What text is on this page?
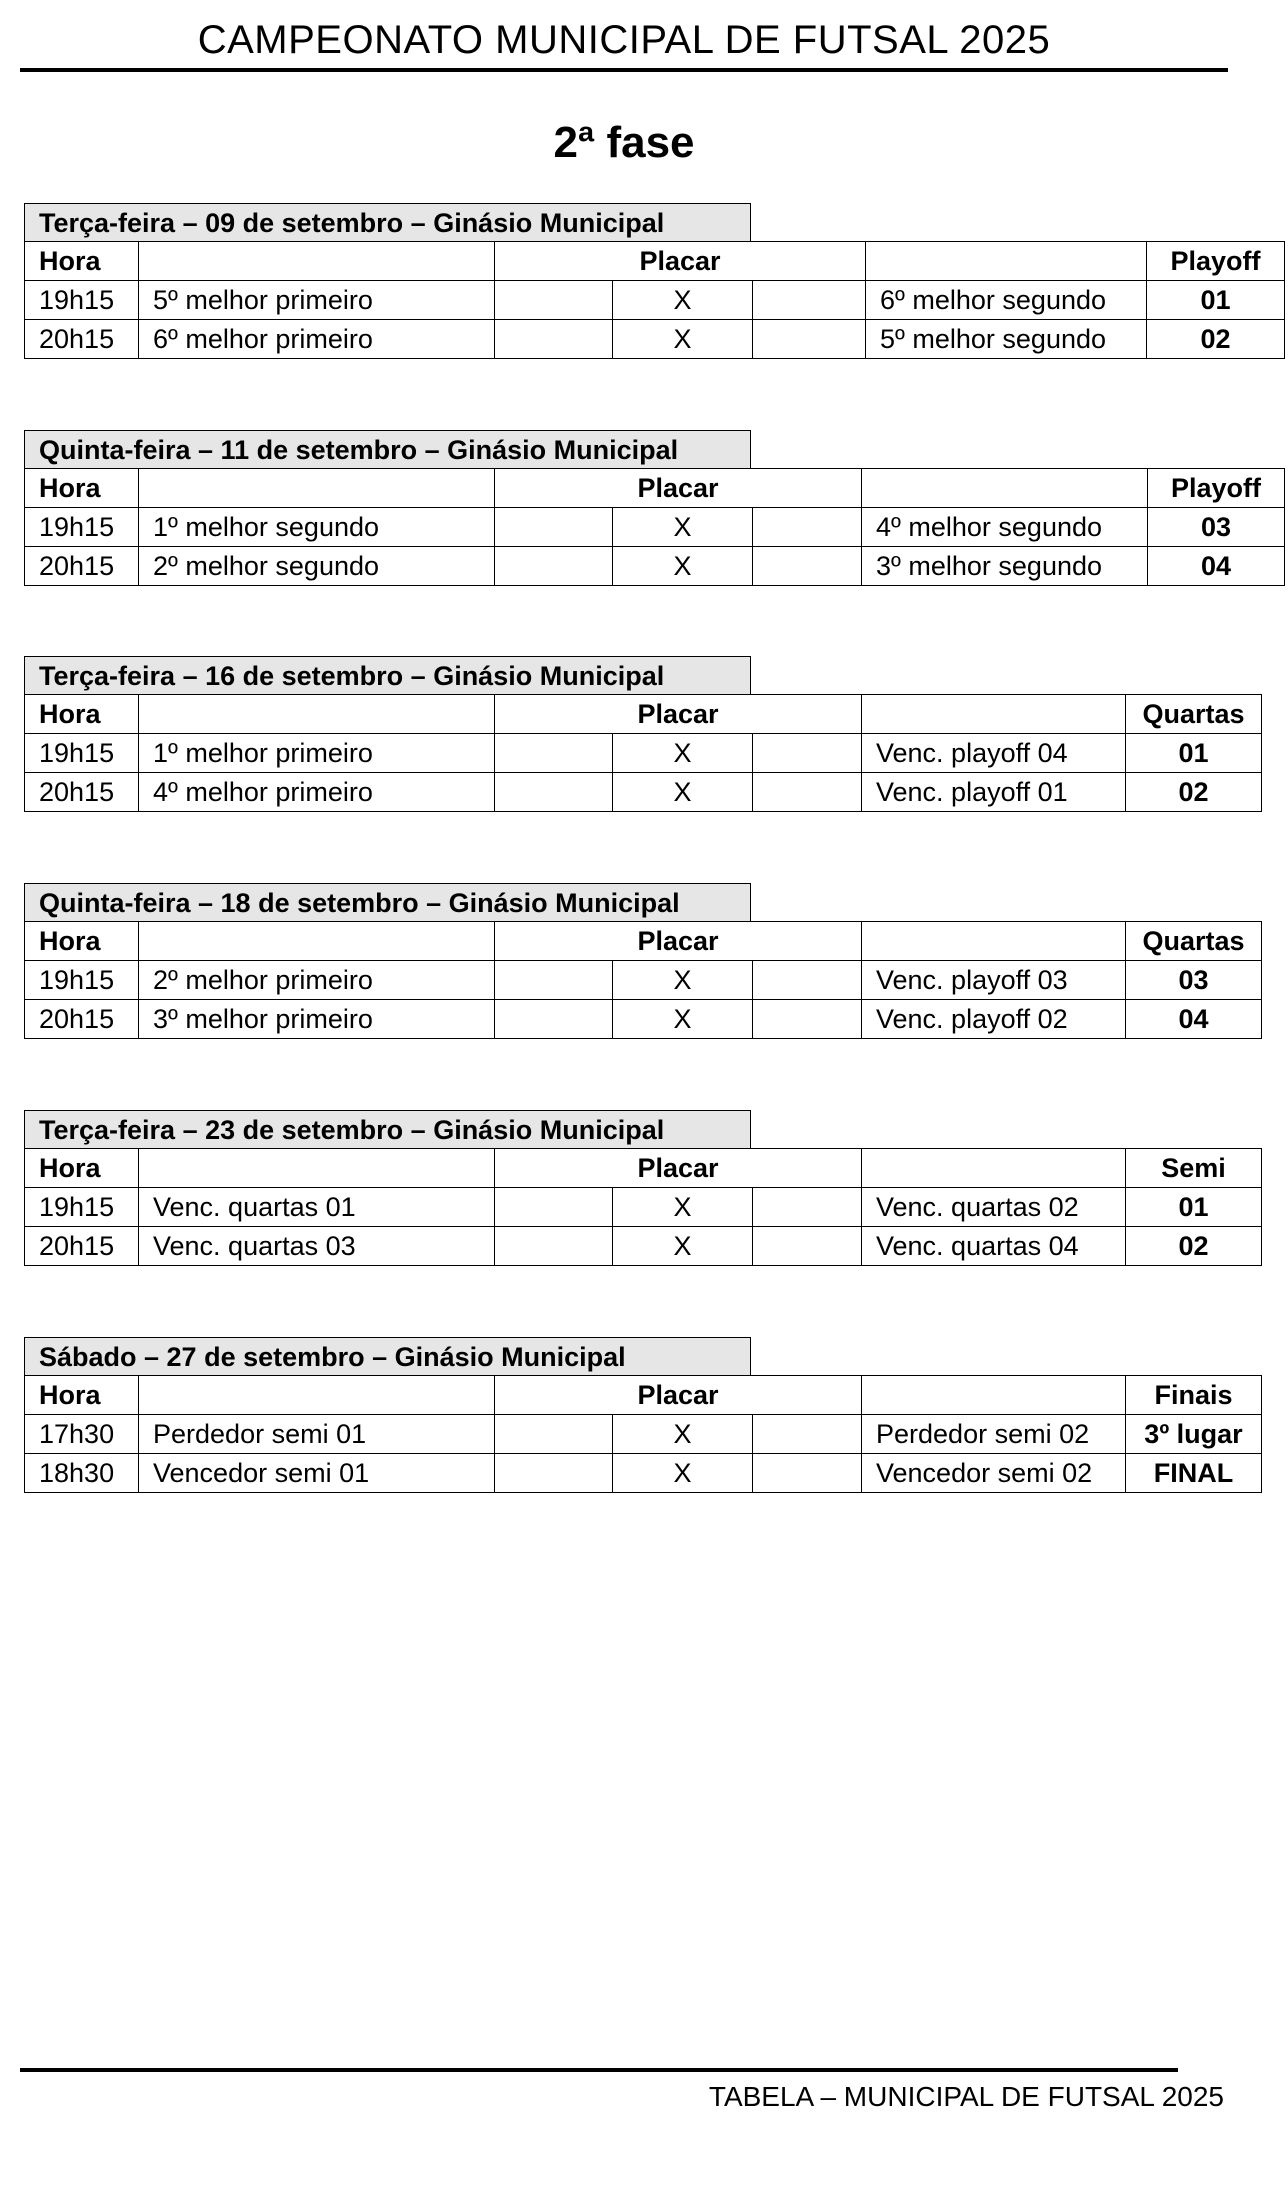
CAMPEONATO MUNICIPAL DE FUTSAL 2025
2ª fase
Terça-feira – 09 de setembro – Ginásio Municipal
Hora		Placar				Playoff
19h15	5º melhor primeiro		X		6º melhor segundo	01
20h15	6º melhor primeiro		X		5º melhor segundo	02
Quinta-feira – 11 de setembro – Ginásio Municipal
Hora		Placar				Playoff
19h15	1º melhor segundo		X		4º melhor segundo	03
20h15	2º melhor segundo		X		3º melhor segundo	04
Terça-feira – 16 de setembro – Ginásio Municipal
Hora		Placar				Quartas
19h15	1º melhor primeiro		X		Venc. playoff 04	01
20h15	4º melhor primeiro		X		Venc. playoff 01	02
Quinta-feira – 18 de setembro – Ginásio Municipal
Hora		Placar				Quartas
19h15	2º melhor primeiro		X		Venc. playoff 03	03
20h15	3º melhor primeiro		X		Venc. playoff 02	04
Terça-feira – 23 de setembro – Ginásio Municipal
Hora		Placar				Semi
19h15	Venc. quartas 01		X		Venc. quartas 02	01
20h15	Venc. quartas 03		X		Venc. quartas 04	02
Sábado – 27 de setembro – Ginásio Municipal
Hora		Placar				Finais
17h30	Perdedor semi 01		X		Perdedor semi 02	3º lugar
18h30	Vencedor semi 01		X		Vencedor semi 02	FINAL
TABELA – MUNICIPAL DE FUTSAL 2025
